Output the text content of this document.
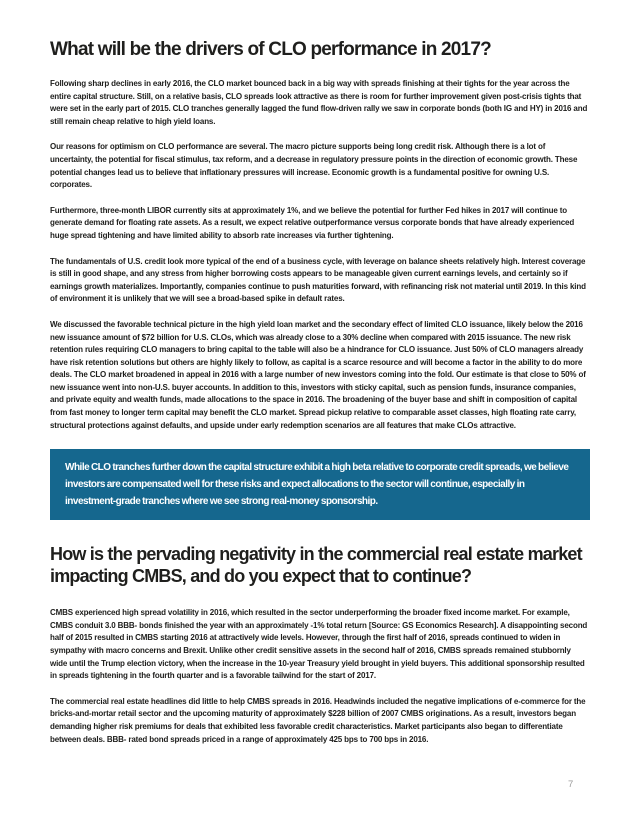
What will be the drivers of CLO performance in 2017?

Following sharp declines in early 2016, the CLO market bounced back in a big way with spreads finishing at their tights for the year across the entire capital structure. Still, on a relative basis, CLO spreads look attractive as there is room for further improvement given post-crisis tights that were set in the early part of 2015. CLO tranches generally lagged the fund flow-driven rally we saw in corporate bonds (both IG and HY) in 2016 and still remain cheap relative to high yield loans.

Our reasons for optimism on CLO performance are several. The macro picture supports being long credit risk. Although there is a lot of uncertainty, the potential for fiscal stimulus, tax reform, and a decrease in regulatory pressure points in the direction of economic growth. These potential changes lead us to believe that inflationary pressures will increase. Economic growth is a fundamental positive for owning U.S. corporates.

Furthermore, three-month LIBOR currently sits at approximately 1%, and we believe the potential for further Fed hikes in 2017 will continue to generate demand for floating rate assets. As a result, we expect relative outperformance versus corporate bonds that have already experienced huge spread tightening and have limited ability to absorb rate increases via further tightening.

The fundamentals of U.S. credit look more typical of the end of a business cycle, with leverage on balance sheets relatively high. Interest coverage is still in good shape, and any stress from higher borrowing costs appears to be manageable given current earnings levels, and certainly so if earnings growth materializes. Importantly, companies continue to push maturities forward, with refinancing risk not material until 2019. In this kind of environment it is unlikely that we will see a broad-based spike in default rates.

We discussed the favorable technical picture in the high yield loan market and the secondary effect of limited CLO issuance, likely below the 2016 new issuance amount of $72 billion for U.S. CLOs, which was already close to a 30% decline when compared with 2015 issuance. The new risk retention rules requiring CLO managers to bring capital to the table will also be a hindrance for CLO issuance. Just 50% of CLO managers already have risk retention solutions but others are highly likely to follow, as capital is a scarce resource and will become a factor in the ability to do more deals. The CLO market broadened in appeal in 2016 with a large number of new investors coming into the fold. Our estimate is that close to 50% of new issuance went into non-U.S. buyer accounts. In addition to this, investors with sticky capital, such as pension funds, insurance companies, and private equity and wealth funds, made allocations to the space in 2016. The broadening of the buyer base and shift in composition of capital from fast money to longer term capital may benefit the CLO market. Spread pickup relative to comparable asset classes, high floating rate carry, structural protections against defaults, and upside under early redemption scenarios are all features that make CLOs attractive.

While CLO tranches further down the capital structure exhibit a high beta relative to corporate credit spreads, we believe investors are compensated well for these risks and expect allocations to the sector will continue, especially in investment-grade tranches where we see strong real-money sponsorship.

How is the pervading negativity in the commercial real estate market impacting CMBS, and do you expect that to continue?

CMBS experienced high spread volatility in 2016, which resulted in the sector underperforming the broader fixed income market. For example, CMBS conduit 3.0 BBB- bonds finished the year with an approximately -1% total return [Source: GS Economics Research]. A disappointing second half of 2015 resulted in CMBS starting 2016 at attractively wide levels. However, through the first half of 2016, spreads continued to widen in sympathy with macro concerns and Brexit. Unlike other credit sensitive assets in the second half of 2016, CMBS spreads remained stubbornly wide until the Trump election victory, when the increase in the 10-year Treasury yield brought in yield buyers. This additional sponsorship resulted in spreads tightening in the fourth quarter and is a favorable tailwind for the start of 2017.

The commercial real estate headlines did little to help CMBS spreads in 2016. Headwinds included the negative implications of e-commerce for the bricks-and-mortar retail sector and the upcoming maturity of approximately $228 billion of 2007 CMBS originations. As a result, investors began demanding higher risk premiums for deals that exhibited less favorable credit characteristics. Market participants also began to differentiate between deals. BBB- rated bond spreads priced in a range of approximately 425 bps to 700 bps in 2016.

7
